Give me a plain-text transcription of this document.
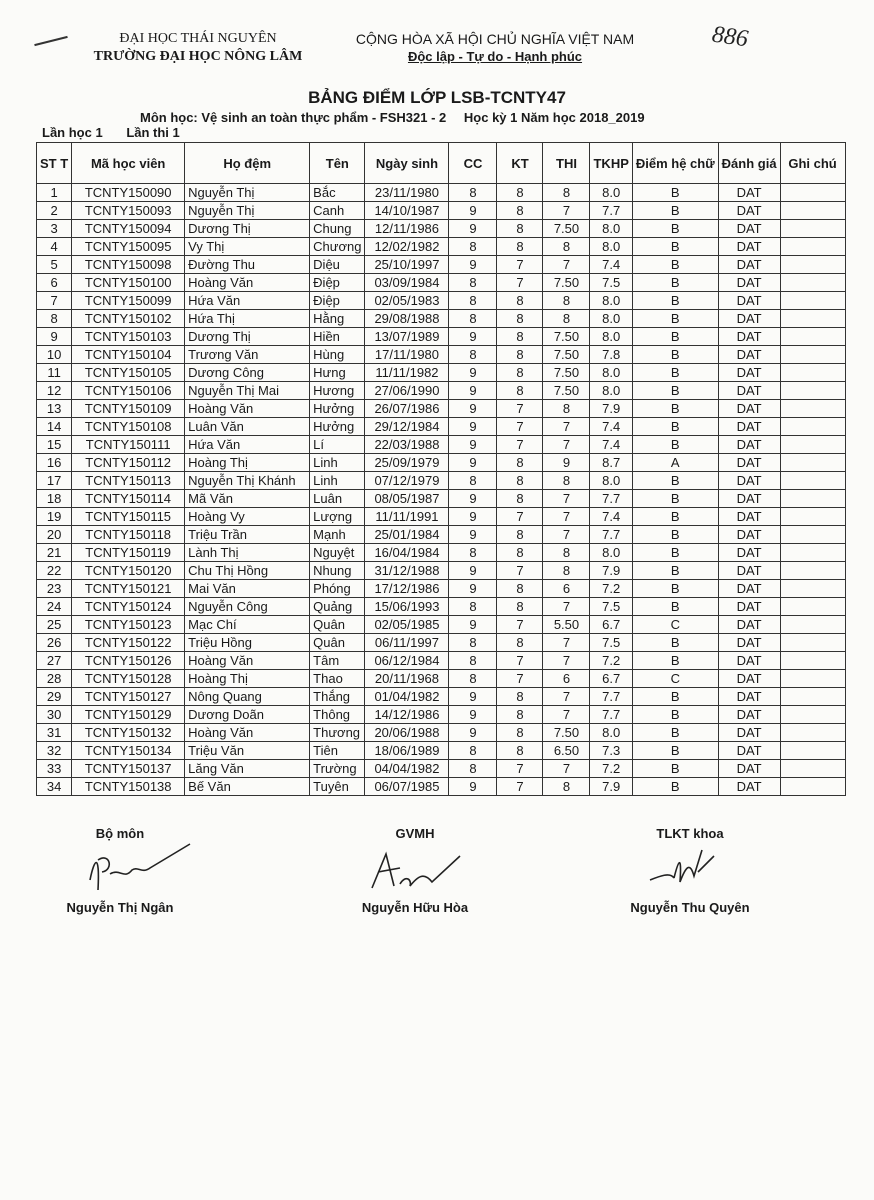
ĐẠI HỌC THÁI NGUYÊN
TRƯỜNG ĐẠI HỌC NÔNG LÂM
CỘNG HÒA XÃ HỘI CHỦ NGHĨA VIỆT NAM
Độc lập - Tự do - Hạnh phúc
886
BẢNG ĐIỂM LỚP LSB-TCNTY47
Môn học: Vệ sinh an toàn thực phẩm - FSH321 - 2 Học kỳ 1 Năm học 2018_2019
Lần học 1 Lần thi 1
ST T	Mã học viên	Họ đệm	Tên	Ngày sinh	CC	KT	THI	TKHP	Điểm hệ chữ	Đánh giá	Ghi chú
1	TCNTY150090	Nguyễn Thị	Bắc	23/11/1980	8	8	8	8.0	B	DAT	
2	TCNTY150093	Nguyễn Thị	Canh	14/10/1987	9	8	7	7.7	B	DAT	
3	TCNTY150094	Dương Thị	Chung	12/11/1986	9	8	7.50	8.0	B	DAT	
4	TCNTY150095	Vy Thị	Chương	12/02/1982	8	8	8	8.0	B	DAT	
5	TCNTY150098	Đường Thu	Diệu	25/10/1997	9	7	7	7.4	B	DAT	
6	TCNTY150100	Hoàng Văn	Điệp	03/09/1984	8	7	7.50	7.5	B	DAT	
7	TCNTY150099	Hứa Văn	Điệp	02/05/1983	8	8	8	8.0	B	DAT	
8	TCNTY150102	Hứa Thị	Hằng	29/08/1988	8	8	8	8.0	B	DAT	
9	TCNTY150103	Dương Thị	Hiền	13/07/1989	9	8	7.50	8.0	B	DAT	
10	TCNTY150104	Trương Văn	Hùng	17/11/1980	8	8	7.50	7.8	B	DAT	
11	TCNTY150105	Dương Công	Hưng	11/11/1982	9	8	7.50	8.0	B	DAT	
12	TCNTY150106	Nguyễn Thị Mai	Hương	27/06/1990	9	8	7.50	8.0	B	DAT	
13	TCNTY150109	Hoàng Văn	Hưởng	26/07/1986	9	7	8	7.9	B	DAT	
14	TCNTY150108	Luân Văn	Hưởng	29/12/1984	9	7	7	7.4	B	DAT	
15	TCNTY150111	Hứa Văn	Lí	22/03/1988	9	7	7	7.4	B	DAT	
16	TCNTY150112	Hoàng Thị	Linh	25/09/1979	9	8	9	8.7	A	DAT	
17	TCNTY150113	Nguyễn Thị Khánh	Linh	07/12/1979	8	8	8	8.0	B	DAT	
18	TCNTY150114	Mã Văn	Luân	08/05/1987	9	8	7	7.7	B	DAT	
19	TCNTY150115	Hoàng Vy	Lượng	11/11/1991	9	7	7	7.4	B	DAT	
20	TCNTY150118	Triệu Trần	Mạnh	25/01/1984	9	8	7	7.7	B	DAT	
21	TCNTY150119	Lành Thị	Nguyệt	16/04/1984	8	8	8	8.0	B	DAT	
22	TCNTY150120	Chu Thị Hồng	Nhung	31/12/1988	9	7	8	7.9	B	DAT	
23	TCNTY150121	Mai Văn	Phóng	17/12/1986	9	8	6	7.2	B	DAT	
24	TCNTY150124	Nguyễn Công	Quảng	15/06/1993	8	8	7	7.5	B	DAT	
25	TCNTY150123	Mạc Chí	Quân	02/05/1985	9	7	5.50	6.7	C	DAT	
26	TCNTY150122	Triệu Hồng	Quân	06/11/1997	8	8	7	7.5	B	DAT	
27	TCNTY150126	Hoàng Văn	Tâm	06/12/1984	8	7	7	7.2	B	DAT	
28	TCNTY150128	Hoàng Thị	Thao	20/11/1968	8	7	6	6.7	C	DAT	
29	TCNTY150127	Nông Quang	Thắng	01/04/1982	9	8	7	7.7	B	DAT	
30	TCNTY150129	Dương Doãn	Thông	14/12/1986	9	8	7	7.7	B	DAT	
31	TCNTY150132	Hoàng Văn	Thương	20/06/1988	9	8	7.50	8.0	B	DAT	
32	TCNTY150134	Triệu Văn	Tiên	18/06/1989	8	8	6.50	7.3	B	DAT	
33	TCNTY150137	Lăng Văn	Trường	04/04/1982	8	7	7	7.2	B	DAT	
34	TCNTY150138	Bế Văn	Tuyên	06/07/1985	9	7	8	7.9	B	DAT	
Bộ môn
Nguyễn Thị Ngân
GVMH
Nguyễn Hữu Hòa
TLKT khoa
Nguyễn Thu Quyên
